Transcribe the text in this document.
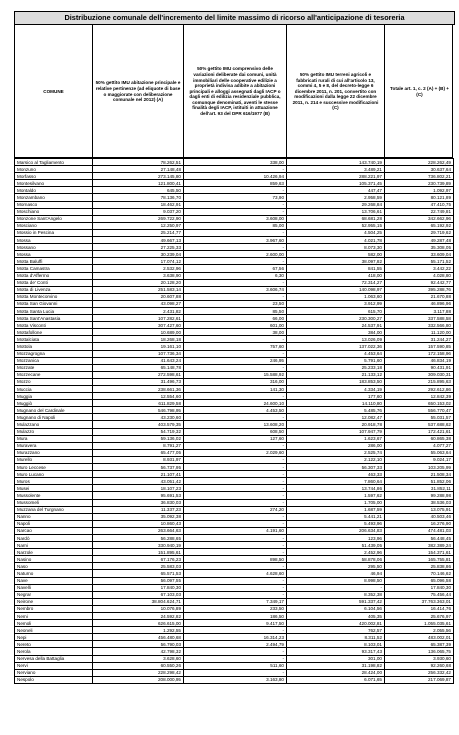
Distribuzione comunale dell'incremento del limite massimo di ricorso all'anticipazione di tesoreria
COMUNE
50% gettito IMU abitazione principale e relative pertinenze (ad eliquote di base o maggiorate con deliberazione comunale nel 2012) (A)
50% gettito IMU comprensivo delle variazioni deliberate dai comuni, unità immobiliari delle cooperative edilizie a proprietà indivisa adibite a abitazioni principali e alloggi assegnati dagli IACP o dagli enti di edilizia residenziale pubblica, comunque denominati, aventi le stesse finalità degli IACP, istituiti in attuazione dell'art. 93 del DPR 616/1977 (B)
50% gettito IMU terreni agricoli e fabbricati rurali di cui all'articolo 13, commi 4, 5 e 8, del decreto-legge 6 dicembre 2011, n. 201, convertito con modificazioni dalla legge 22 dicembre 2011, n. 214 e successive modificazioni (C)
Totale art. 1, c. 2 (A) + (B) + (C)
Marsico al Tagliamento	78.262,51	338,00	143.740,19	228.262,49
Monzuno	27.148,48	-	3.489,21	30.637,64
Morfasso	273.145,80	10.426,94	288.221,97	736.802,21
Montesilvano	121.800,41	859,63	105.371,45	230.739,89
Montaldo	645,50	-	447,47	1.092,97
Monzambano	78.136,70	73,90	2.958,59	80.121,89
Mornasco	18.462,91	-	29.268,84	47.410,75
Moschiano	9.037,20	-	13.706,61	22.749,81
Monzone Sant'Angelo	269.722,90	3.608,00	68.681,28	342.662,96
Mosciano	12.250,97	85,00	52.955,15	65.192,92
Mossio in Pescina	25.214,77	-	4.504,25	29.719,62
Mossa	49.667,13	3.967,60	4.021,78	49.287,48
Mossano	27.225,33	-	8.073,30	35.308,05
Mossa	30.239,04	2.600,00	582,00	33.609,04
Motta Baluffi	17.074,12	-	38.097,82	55.171,52
Motta Camastra	2.532,96	67,56	841,55	3.442,22
Motta d'Affermo	3.638,90	6,30	418,00	4.028,80
Motta de' Conti	20.128,20	-	72.314,27	92.442,77
Motta di Livenza	251.583,14	3.606,74	140.098,97	395.288,76
Motta Montecorvino	20.607,88	-	1.063,60	21.670,88
Motta San Giovanni	43.098,27	23,50	3.912,99	46.896,96
Motta Santa Lucia	2.431,82	85,50	615,70	3.117,88
Motta Sant'Anastasia	107.282,61	66,00	230.300,27	337.588,58
Motta Visconti	307.427,60	601,00	24.537,91	332.566,80
Mottafollone	10.689,00	38,00	384,00	11.120,00
Mottalciata	18.268,18	-	13.026,09	31.244,27
Mottola	19.161,10	757,60	137.022,36	157.590,85
Mozzagrogna	107.736,34	-	4.453,64	172.158,96
Mozzanica	41.643,24	246,95	5.791,60	46.834,19
Mozzate	65.148,78	-	25.233,18	90.431,91
Mozzecane	272.598,61	15.588,92	21.133,12	309.030,31
Mozzo	31.496,73	316,00	183.853,50	215.895,63
Muccia	238.661,36	141,30	4.334,19	292.612,86
Muggia	12.554,60	-	177,60	12.842,39
Muggiò	611.829,58	24.600,10	14.110,80	650.153,02
Mugnano del Cardinale	546.798,95	4.453,50	5.485,76	556.770,47
Mugnano di Napoli	43.230,60	-	12.082,47	55.031,57
Mulazzano	403.579,35	13.608,20	20.918,78	537.688,62
Mulazzo	54.719,32	608,50	107.947,79	172.421,61
Mura	59.136,02	127,60	1.623,67	60.865,38
Muravera	8.791,27	-	286,00	4.077,27
Murazzano	65.477,05	2.029,60	2.525,74	55.063,64
Murello	8.931,97	-	2.122,10	9.024,17
Muro Leccese	56.737,95	-	56.307,33	103.205,99
Muro Lucano	21.107,41	-	463,33	21.508,34
Muros	43.051,42	-	7.860,64	51.852,06
Musei	18.107,23	-	13.744,86	31.852,11
Mussolente	95.691,53	-	1.597,62	99.288,98
Mussomeli	36.830,03	-	1.705,00	38.536,03
Muzzana del Turgnano	11.337,23	274,20	1.687,59	13.075,91
Nanno	35.092,38	-	5.441,21	40.503,46
Napoli	10.860,43	-	5.493,96	16.276,90
Narcao	263.664,63	4.191,60	206.634,83	474.481,03
Nardò	56.288,65	-	123,96	56.448,45
Narni	330.940,19	-	51.439,05	382.389,24
Narzole	151.895,61	-	2.452,96	154.371,61
Nasino	67.176,23	898,50	58.878,06	165.755,81
Naso	25.583,03	-	295,50	25.838,86
Naturno	65.571,53	4.628,60	46,94	70.146,62
Nave	56.097,55	-	8.998,50	65.096,58
Navelli	17.840,30	-	-	17.840,30
Negrar	67.103,03	-	8.352,38	75.456,44
Neirone	38.804.624,71	7.349,17	591.337,42	37.763.363,01
Nembro	10.076,89	233,50	6.104,56	16.414,76
Nemi	24.592,82	186,50	405,35	25.676,97
Nemoli	626.615,00	9.417,50	420.002,81	1.055.035,61
Neoneli	1.292,55	-	762,57	2.055,56
Nepi	456.480,68	16.314,23	8.311,52	483.002,01
Nereto	56.790,03	2.494,79	8.103,01	65.387,39
Nerola	42.798,32	-	93.317,43	136.065,75
Nervesa della Battaglia	3.628,60	-	301,00	3.930,60
Nervi	60.550,26	511,60	31.198,82	92.260,68
Nerviano	228.298,42	-	28.424,00	256.332,42
Nespolo	208.000,95	3.163,80	6.071,65	217.069,87
